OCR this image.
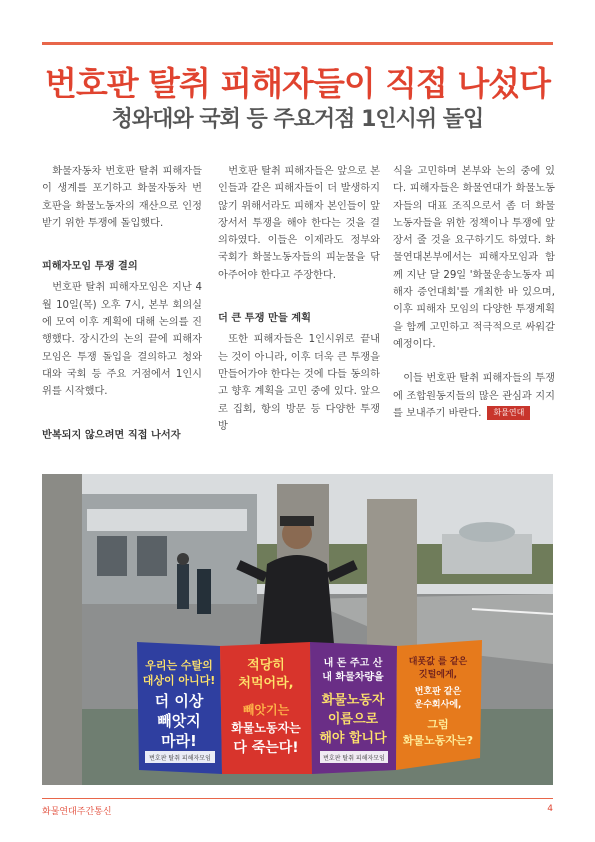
번호판 탈취 피해자들이 직접 나섰다
청와대와 국회 등 주요거점 1인시위 돌입

화물자동차 번호판 탈취 피해자들이 생계를 포기하고 화물자동차 번호판을 화물노동자의 재산으로 인정받기 위한 투쟁에 돌입했다.

피해자모임 투쟁 결의

번호판 탈취 피해자모임은 지난 4월 10일(목) 오후 7시, 본부 회의실에 모여 이후 계획에 대해 논의를 진행했다. 장시간의 논의 끝에 피해자모임은 투쟁 돌입을 결의하고 청와대와 국회 등 주요 거점에서 1인시위를 시작했다.

반복되지 않으려면 직접 나서자

번호판 탈취 피해자들은 앞으로 본인들과 같은 피해자들이 더 발생하지 않기 위해서라도 피해자 본인들이 앞장서서 투쟁을 해야 한다는 것을 결의하였다. 이들은 이제라도 정부와 국회가 화물노동자들의 피눈물을 닦아주어야 한다고 주장한다.

더 큰 투쟁 만들 계획

또한 피해자들은 1인시위로 끝내는 것이 아니라, 이후 더욱 큰 투쟁을 만들어가야 한다는 것에 다들 동의하고 향후 계획을 고민 중에 있다. 앞으로 집회, 항의 방문 등 다양한 투쟁 방

식을 고민하며 본부와 논의 중에 있다. 피해자들은 화물연대가 화물노동자들의 대표 조직으로서 좀 더 화물노동자들을 위한 정책이나 투쟁에 앞장서 줄 것을 요구하기도 하였다. 화물연대본부에서는 피해자모임과 함께 지난 달 29일 '화물운송노동자 피해자 증언대회'를 개최한 바 있으며, 이후 피해자 모임의 다양한 투쟁계획을 함께 고민하고 적극적으로 싸워갈 예정이다.

이들 번호판 탈취 피해자들의 투쟁에 조합원동지들의 많은 관심과 지지를 보내주기 바란다. 화물연대

우리는 수탈의
대상이 아니다!
더 이상
빼앗지
마라!
번호판 탈취 피해자모임
적당히
처먹어라,
빼앗기는
화물노동자는
다 죽는다!
내 돈 주고 산
내 화물차량을
화물노동자
이름으로
해야 합니다
번호판 탈취 피해자모임
대폿값 를 같은
깃털에게,
번호판 같은
운수회사에,
그럼
화물노동자는?
화물연대주간통신	4
